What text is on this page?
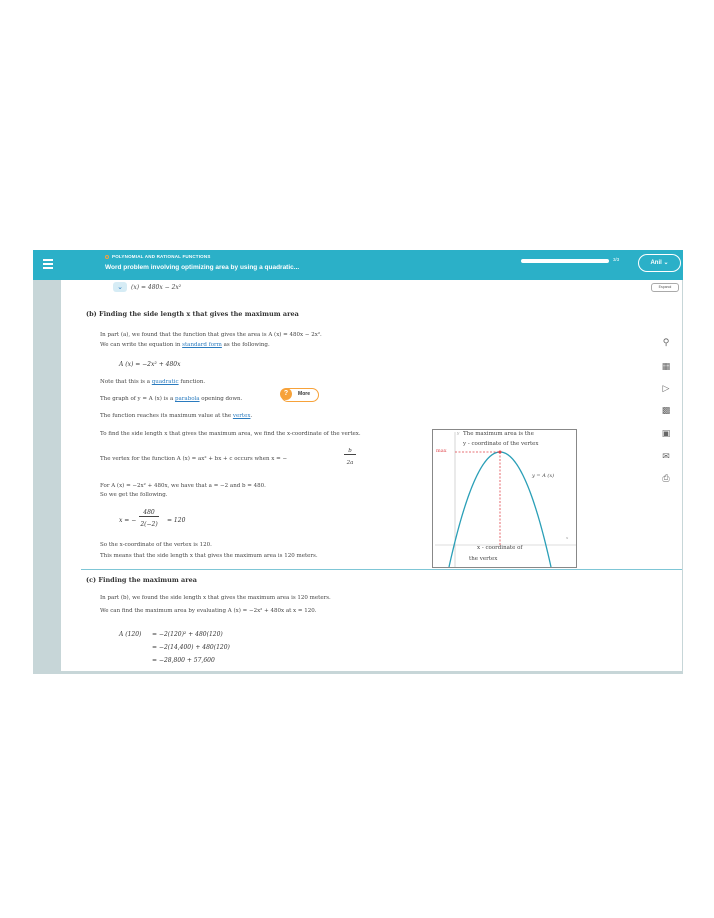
POLYNOMIAL AND RATIONAL FUNCTIONS
Word problem involving optimizing area by using a quadratic...
3/3
Anil ⌄
⌄	(x) = 480x − 2x²	Espanol
(b) Finding the side length x that gives the maximum area
In part (a), we found that the function that gives the area is A (x) = 480x − 2x².
We can write the equation in standard form as the following.
A (x) = −2x² + 480x
Note that this is a quadratic function.
The graph of y = A (x) is a parabola opening down.
?	More
The function reaches its maximum value at the vertex.
To find the side length x that gives the maximum area, we find the x-coordinate of the vertex.
The vertex for the function A (x) = ax² + bx + c occurs when x = −
b
2a
For A (x) = −2x² + 480x, we have that a = −2 and b = 480.
So we get the following.
x = −
480
2(−2)
= 120
So the x-coordinate of the vertex is 120.
This means that the side length x that gives the maximum area is 120 meters.
The maximum area is the
y - coordinate of the vertex
max
y = A (x)
x - coordinate of
the vertex
y
x
(c) Finding the maximum area
In part (b), we found the side length x that gives the maximum area is 120 meters.
We can find the maximum area by evaluating A (x) = −2x² + 480x at x = 120.
A (120) = −2(120)² + 480(120)
= −2(14,400) + 480(120)
= −28,800 + 57,600
⚲
▦
▷
▩
▣
✉
⎙
